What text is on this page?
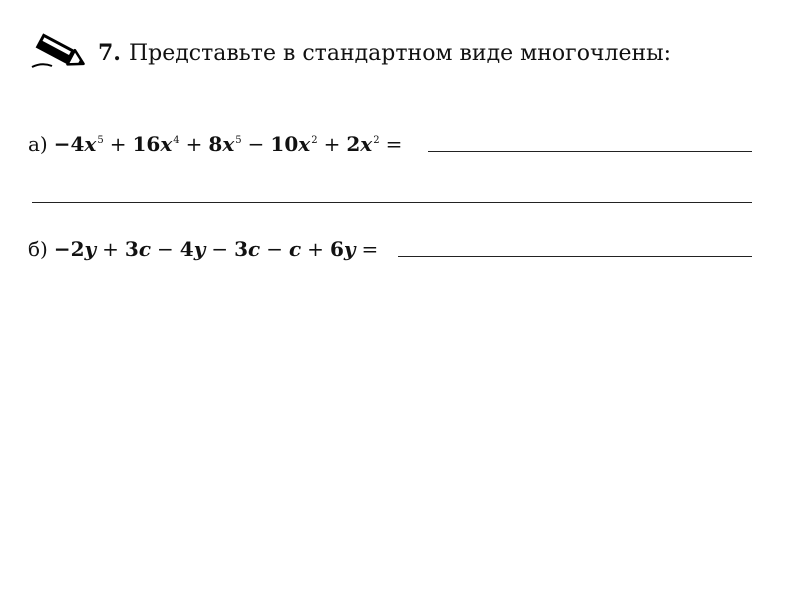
7. Представьте в стандартном виде многочлены:
$а) -4x^5 + 16x^4 + 8x^5 - 10x^2 + 2x^2$ =
б) −2y + 3c − 4y − 3c − c + 6y =
